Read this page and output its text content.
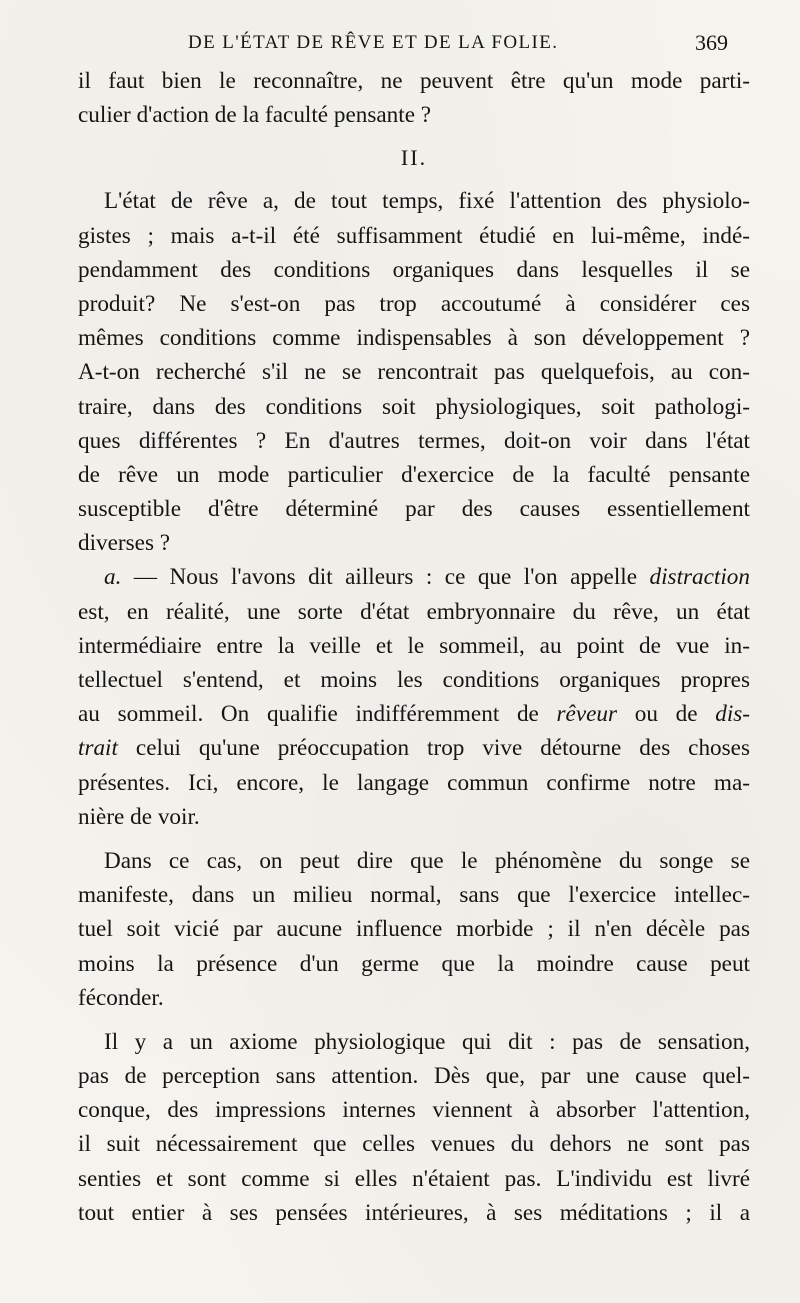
DE L'ÉTAT DE RÊVE ET DE LA FOLIE.	369
il faut bien le reconnaître, ne peuvent être qu'un mode parti-
culier d'action de la faculté pensante ?
II.
L'état de rêve a, de tout temps, fixé l'attention des physiolo-
gistes ; mais a-t-il été suffisamment étudié en lui-même, indé-
pendamment des conditions organiques dans lesquelles il se
produit? Ne s'est-on pas trop accoutumé à considérer ces
mêmes conditions comme indispensables à son développement ?
A-t-on recherché s'il ne se rencontrait pas quelquefois, au con-
traire, dans des conditions soit physiologiques, soit pathologi-
ques différentes ? En d'autres termes, doit-on voir dans l'état
de rêve un mode particulier d'exercice de la faculté pensante
susceptible d'être déterminé par des causes essentiellement
diverses ?
a. — Nous l'avons dit ailleurs : ce que l'on appelle distraction
est, en réalité, une sorte d'état embryonnaire du rêve, un état
intermédiaire entre la veille et le sommeil, au point de vue in-
tellectuel s'entend, et moins les conditions organiques propres
au sommeil. On qualifie indifféremment de rêveur ou de dis-
trait celui qu'une préoccupation trop vive détourne des choses
présentes. Ici, encore, le langage commun confirme notre ma-
nière de voir.
Dans ce cas, on peut dire que le phénomène du songe se
manifeste, dans un milieu normal, sans que l'exercice intellec-
tuel soit vicié par aucune influence morbide ; il n'en décèle pas
moins la présence d'un germe que la moindre cause peut
féconder.
Il y a un axiome physiologique qui dit : pas de sensation,
pas de perception sans attention. Dès que, par une cause quel-
conque, des impressions internes viennent à absorber l'attention,
il suit nécessairement que celles venues du dehors ne sont pas
senties et sont comme si elles n'étaient pas. L'individu est livré
tout entier à ses pensées intérieures, à ses méditations ; il a
